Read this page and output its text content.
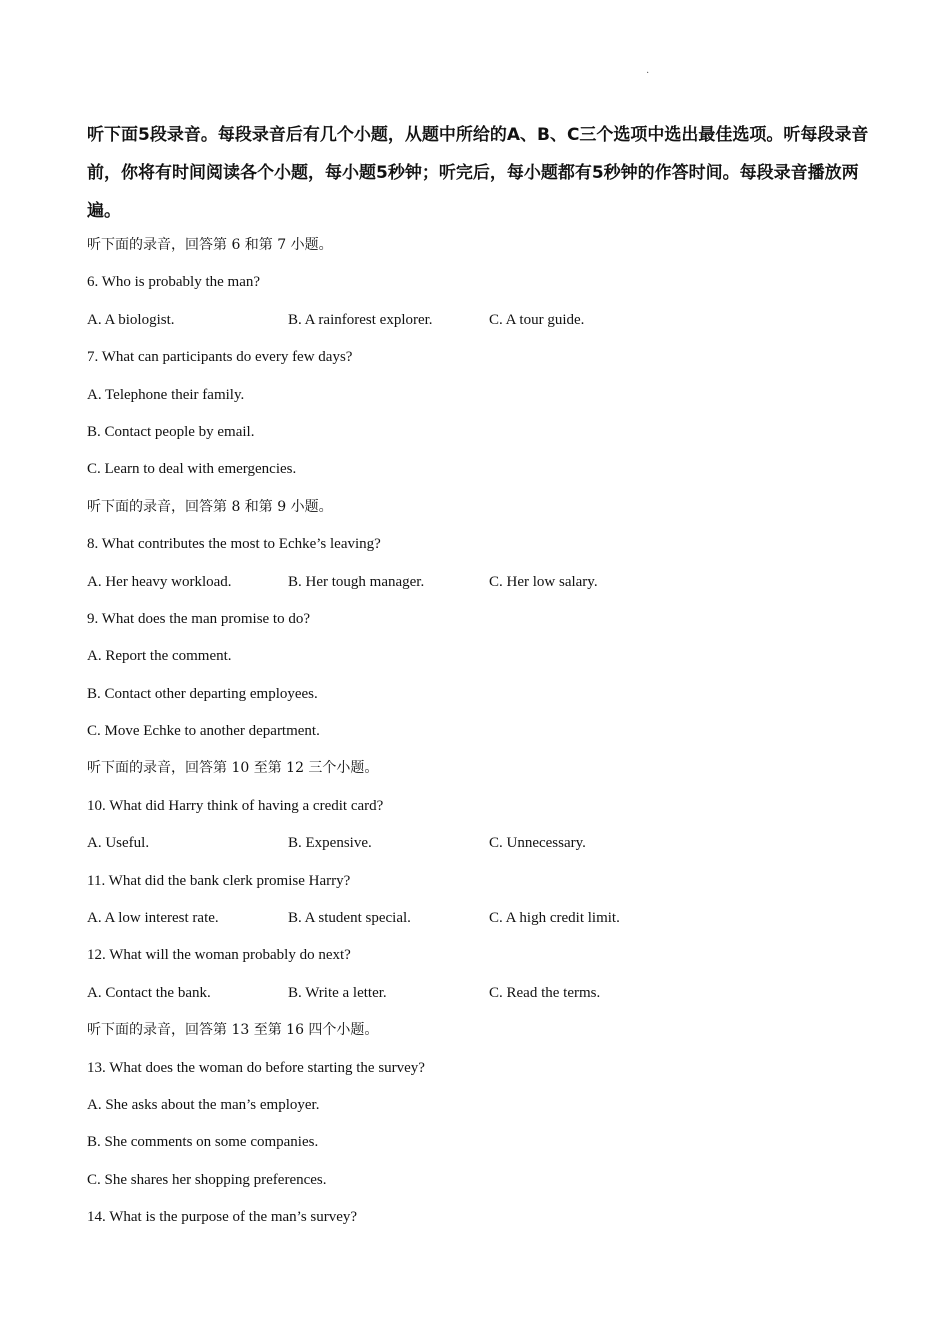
·

听下面5段录音。每段录音后有几个小题，从题中所给的A、B、C三个选项中选出最佳选项。听每段录音前，你将有时间阅读各个小题，每小题5秒钟；听完后，每小题都有5秒钟的作答时间。每段录音播放两遍。

听下面的录音，回答第 6 和第 7 小题。
6. Who is probably the man?
A. A biologist.	B. A rainforest explorer.	C. A tour guide.
7. What can participants do every few days?
A. Telephone their family.
B. Contact people by email.
C. Learn to deal with emergencies.
听下面的录音，回答第 8 和第 9 小题。
8. What contributes the most to Echke’s leaving?
A. Her heavy workload.	B. Her tough manager.	C. Her low salary.
9. What does the man promise to do?
A. Report the comment.
B. Contact other departing employees.
C. Move Echke to another department.
听下面的录音，回答第 10 至第 12 三个小题。
10. What did Harry think of having a credit card?
A. Useful.	B. Expensive.	C. Unnecessary.
11. What did the bank clerk promise Harry?
A. A low interest rate.	B. A student special.	C. A high credit limit.
12. What will the woman probably do next?
A. Contact the bank.	B. Write a letter.	C. Read the terms.
听下面的录音，回答第 13 至第 16 四个小题。
13. What does the woman do before starting the survey?
A. She asks about the man’s employer.
B. She comments on some companies.
C. She shares her shopping preferences.
14. What is the purpose of the man’s survey?
